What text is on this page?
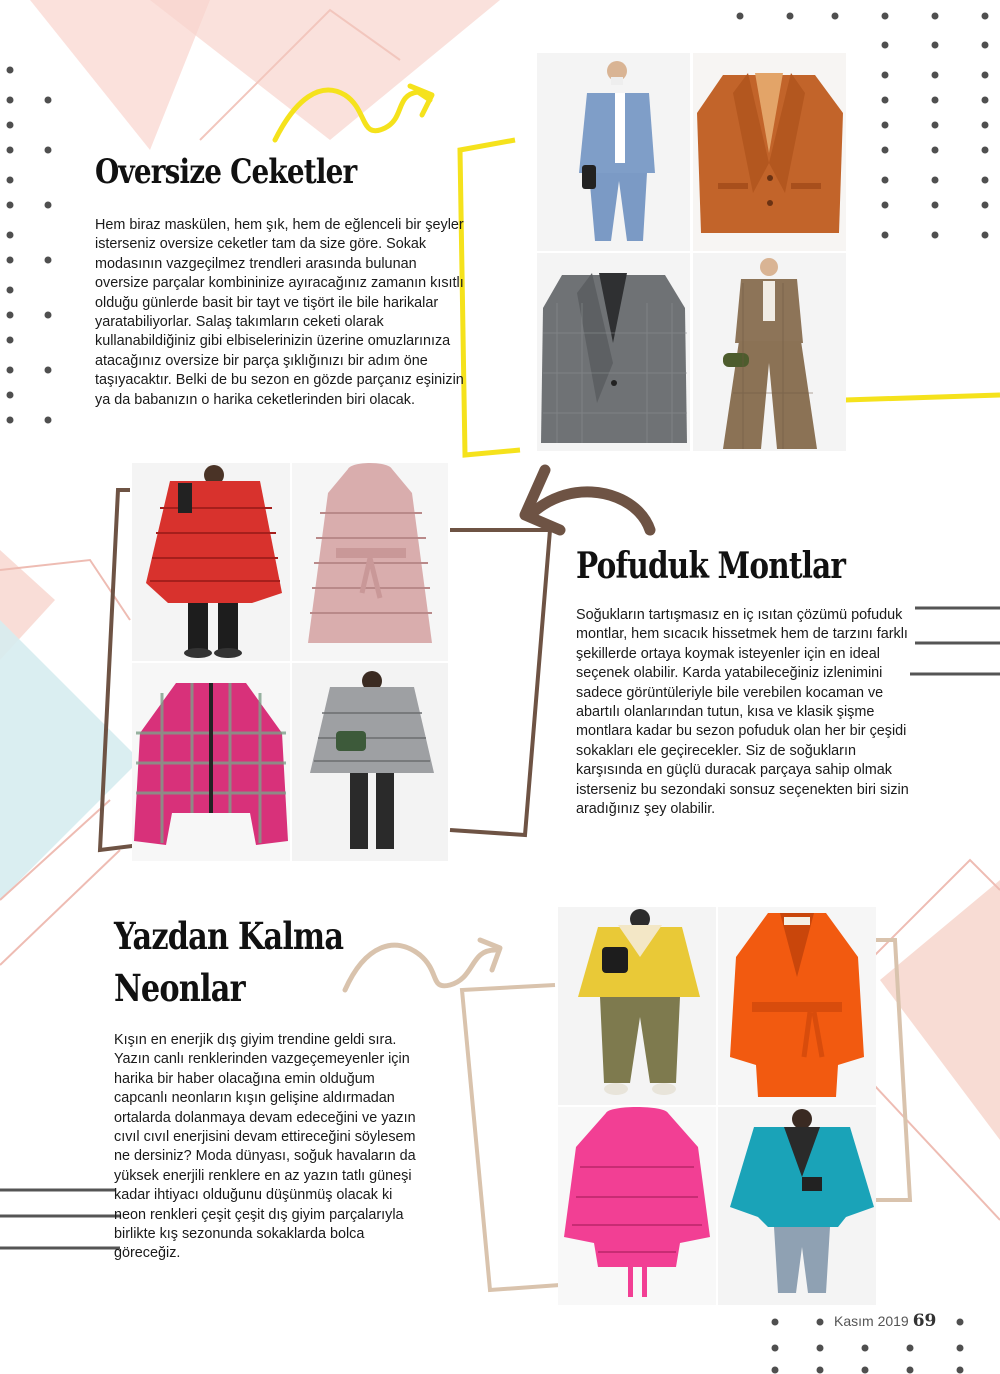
Oversize Ceketler
Hem biraz maskülen, hem şık, hem de eğlenceli bir şeyler isterseniz oversize ceketler tam da size göre. Sokak modasının vazgeçilmez trendleri arasında bulunan oversize parçalar kombininize ayıracağınız zamanın kısıtlı olduğu günlerde basit bir tayt ve tişört ile bile harikalar yaratabiliyorlar. Salaş takımların ceketi olarak kullanabildiğiniz gibi elbiselerinizin üzerine omuzlarınıza atacağınız oversize bir parça şıklığınızı bir adım öne taşıyacaktır. Belki de bu sezon en gözde parçanız eşinizin ya da babanızın o harika ceketlerinden biri olacak.
Pofuduk Montlar
Soğukların tartışmasız en iç ısıtan çözümü pofuduk montlar, hem sıcacık hissetmek hem de tarzını farklı şekillerde ortaya koymak isteyenler için en ideal seçenek olabilir. Karda yatabileceğiniz izlenimini sadece görüntüleriyle bile verebilen kocaman ve abartılı olanlarından tutun, kısa ve klasik şişme montlara kadar bu sezon pofuduk olan her bir çeşidi sokakları ele geçirecekler. Siz de soğukların karşısında en güçlü duracak parçaya sahip olmak isterseniz bu sezondaki sonsuz seçenekten biri sizin aradığınız şey olabilir.
Yazdan Kalma
Neonlar
Kışın en enerjik dış giyim trendine geldi sıra. Yazın canlı renklerinden vazgeçemeyenler için harika bir haber olacağına emin olduğum capcanlı neonların kışın gelişine aldırmadan ortalarda dolanmaya devam edeceğini ve yazın cıvıl cıvıl enerjisini devam ettireceğini söylesem ne dersiniz? Moda dünyası, soğuk havaların da yüksek enerjili renklere en az yazın tatlı güneşi kadar ihtiyacı olduğunu düşünmüş olacak ki neon renkleri çeşit çeşit dış giyim parçalarıyla birlikte kış sezonunda sokaklarda bolca göreceğiz.
Kasım 2019 69
